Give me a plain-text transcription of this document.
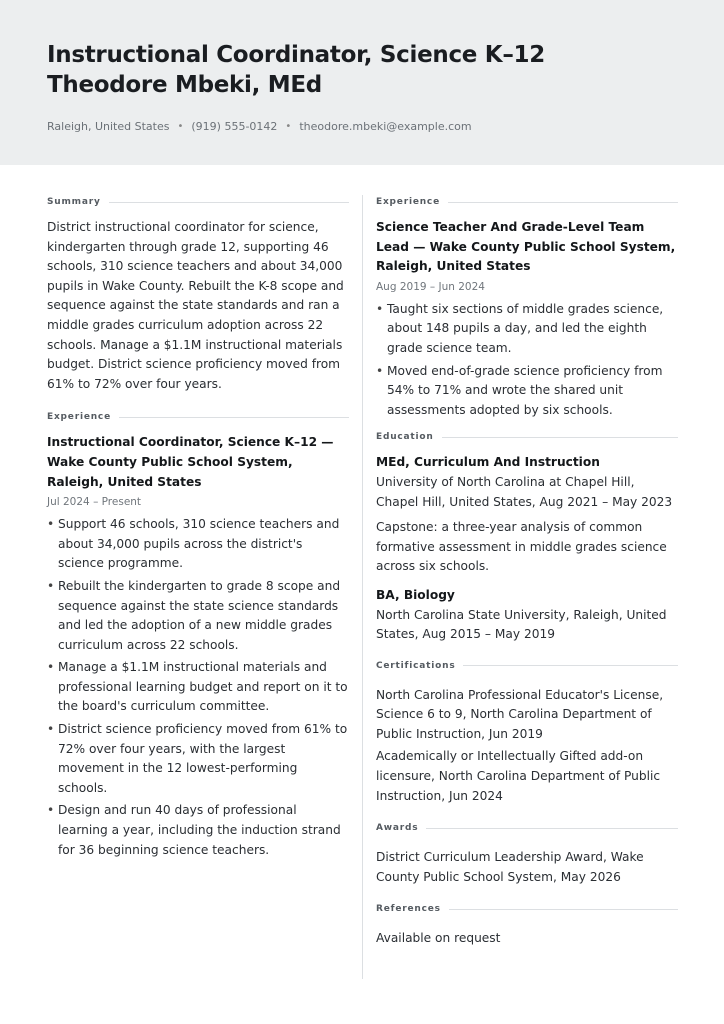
Instructional Coordinator, Science K–12
Theodore Mbeki, MEd
Raleigh, United States • (919) 555-0142 • theodore.mbeki@example.com
Summary

District instructional coordinator for science, kindergarten through grade 12, supporting 46 schools, 310 science teachers and about 34,000 pupils in Wake County. Rebuilt the K-8 scope and sequence against the state standards and ran a middle grades curriculum adoption across 22 schools. Manage a $1.1M instructional materials budget. District science proficiency moved from 61% to 72% over four years.

Experience
Instructional Coordinator, Science K–12 — Wake County Public School System, Raleigh, United States
Jul 2024 – Present
• Support 46 schools, 310 science teachers and about 34,000 pupils across the district's science programme.
• Rebuilt the kindergarten to grade 8 scope and sequence against the state science standards and led the adoption of a new middle grades curriculum across 22 schools.
• Manage a $1.1M instructional materials and professional learning budget and report on it to the board's curriculum committee.
• District science proficiency moved from 61% to 72% over four years, with the largest movement in the 12 lowest-performing schools.
• Design and run 40 days of professional learning a year, including the induction strand for 36 beginning science teachers.
Experience
Science Teacher And Grade-Level Team Lead — Wake County Public School System, Raleigh, United States
Aug 2019 – Jun 2024
• Taught six sections of middle grades science, about 148 pupils a day, and led the eighth grade science team.
• Moved end-of-grade science proficiency from 54% to 71% and wrote the shared unit assessments adopted by six schools.
Education
MEd, Curriculum And Instruction
University of North Carolina at Chapel Hill, Chapel Hill, United States, Aug 2021 – May 2023
Capstone: a three-year analysis of common formative assessment in middle grades science across six schools.
BA, Biology
North Carolina State University, Raleigh, United States, Aug 2015 – May 2019
Certifications
North Carolina Professional Educator's License, Science 6 to 9, North Carolina Department of Public Instruction, Jun 2019
Academically or Intellectually Gifted add-on licensure, North Carolina Department of Public Instruction, Jun 2024
Awards
District Curriculum Leadership Award, Wake County Public School System, May 2026
References
Available on request
